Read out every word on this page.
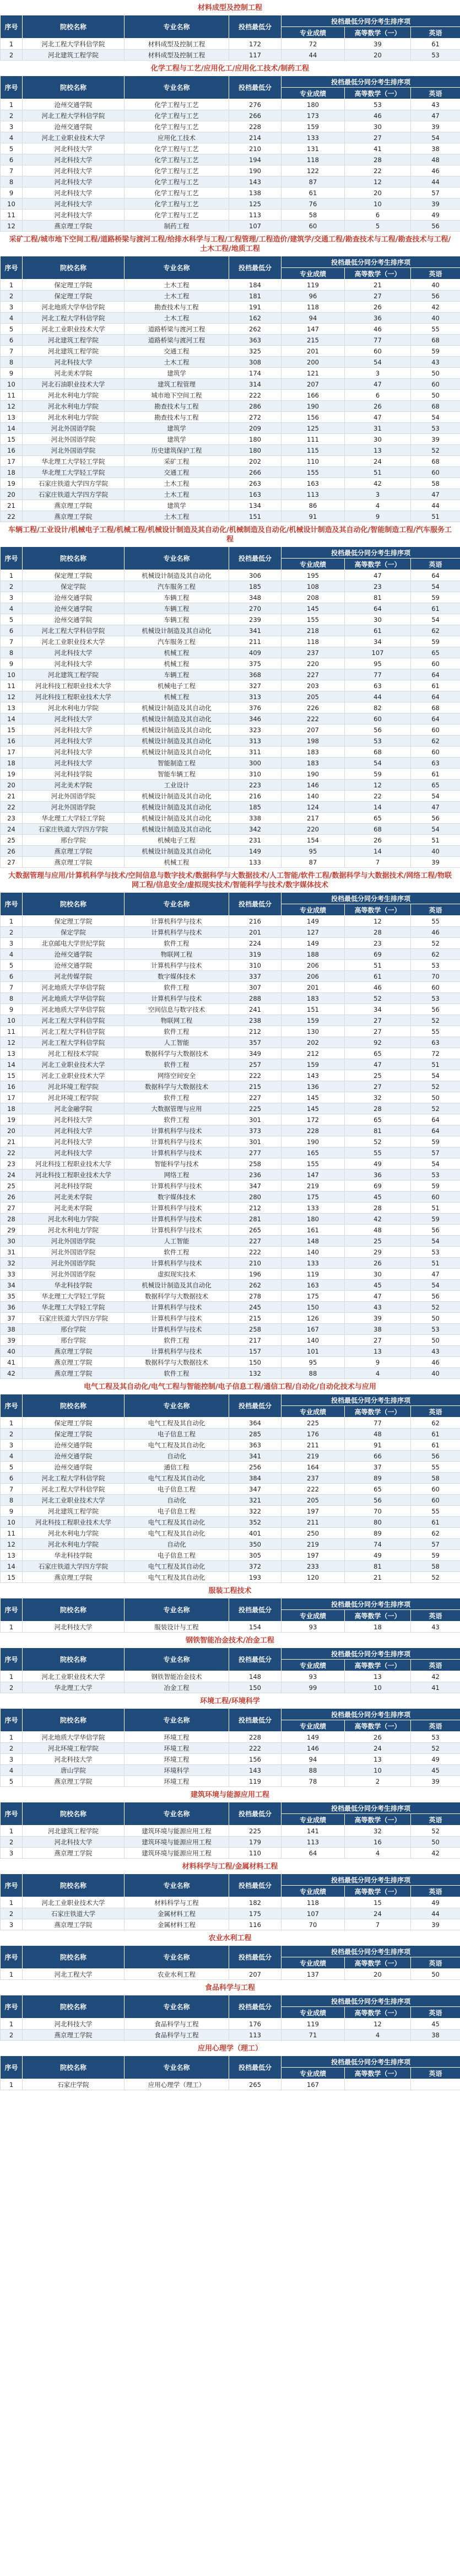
材料成型及控制工程
序号	院校名称	专业名称	投档最低分	投档最低分同分考生排序项		
				专业成绩	高等数学（一）	英语
1	河北工程大学科信学院	材料成型及控制工程	172	72	39	61
2	河北建筑工程学院	材料成型及控制工程	117	44	20	53
化学工程与工艺/应用化工/应用化工技术/制药工程
序号	院校名称	专业名称	投档最低分	投档最低分同分考生排序项		
				专业成绩	高等数学（一）	英语
1	沧州交通学院	化学工程与工艺	276	180	53	43
2	河北工程大学科信学院	化学工程与工艺	266	173	46	47
3	沧州交通学院	化学工程与工艺	228	159	30	39
4	河北工业职业技术大学	应用化工技术	214	133	27	54
5	河北科技大学	化学工程与工艺	210	131	41	38
6	河北科技大学	化学工程与工艺	194	118	28	48
7	河北科技大学	化学工程与工艺	190	122	22	46
8	河北科技大学	化学工程与工艺	143	87	12	44
9	河北科技大学	化学工程与工艺	138	61	20	57
10	河北科技大学	化学工程与工艺	125	76	10	39
11	河北科技大学	化学工程与工艺	113	58	6	49
12	燕京理工学院	制药工程	107	60	5	56
采矿工程/城市地下空间工程/道路桥梁与渡河工程/给排水科学与工程/工程管理/工程造价/建筑学/交通工程/勘查技术与工程/勘查技术与工程/土木工程/地质工程
序号	院校名称	专业名称	投档最低分	投档最低分同分考生排序项		
				专业成绩	高等数学（一）	英语
1	保定理工学院	土木工程	184	119	21	40
2	保定理工学院	土木工程	181	96	27	56
3	河北地质大学华信学院	勘查技术与工程	191	118	26	42
4	河北工程大学科信学院	土木工程	162	94	36	40
5	河北工业职业技术大学	道路桥梁与渡河工程	262	147	46	55
6	河北建筑工程学院	道路桥梁与渡河工程	363	215	77	68
7	河北建筑工程学院	交通工程	325	201	60	59
8	河北科技大学	土木工程	308	200	54	43
9	河北美术学院	建筑学	174	121	3	50
10	河北石油职业技术大学	建筑工程管理	314	207	47	60
11	河北水利电力学院	城市地下空间工程	222	166	6	50
12	河北水利电力学院	勘查技术与工程	286	190	26	68
13	河北水利电力学院	勘查技术与工程	272	156	47	54
14	河北外国语学院	建筑学	209	125	31	53
15	河北外国语学院	建筑学	180	111	30	39
16	河北外国语学院	历史建筑保护工程	180	115	13	52
17	华北理工大学轻工学院	采矿工程	202	110	24	68
18	华北理工大学轻工学院	交通工程	266	155	51	60
19	石家庄铁道大学四方学院	土木工程	263	163	42	58
20	石家庄铁道大学四方学院	土木工程	163	113	3	47
21	燕京理工学院	建筑学	134	86	4	44
22	燕京理工学院	土木工程	151	91	9	51
车辆工程/工业设计/机械电子工程/机械工程/机械设计制造及其自动化/机械制造及自动化/机械设计制造及其自动化/智能制造工程/汽车服务工程
序号	院校名称	专业名称	投档最低分	投档最低分同分考生排序项		
				专业成绩	高等数学（一）	英语
1	保定理工学院	机械设计制造及其自动化	306	195	47	64
2	保定学院	汽车服务工程	185	108	23	54
3	沧州交通学院	车辆工程	348	208	81	59
4	沧州交通学院	车辆工程	270	145	64	61
5	沧州交通学院	车辆工程	239	155	30	54
6	河北工程大学科信学院	机械设计制造及其自动化	341	218	61	62
7	河北工业职业技术大学	汽车服务工程	211	118	34	59
8	河北科技大学	机械工程	409	237	107	65
9	河北科技大学	机械工程	375	220	95	60
10	河北建筑工程学院	车辆工程	368	227	77	64
11	河北科技工程职业技术大学	机械电子工程	327	203	63	61
12	河北科技工程职业技术大学	机械工程	313	205	44	64
13	河北水利电力学院	机械设计制造及其自动化	376	226	82	68
14	河北科技大学	机械设计制造及其自动化	346	222	60	64
15	河北科技大学	机械设计制造及其自动化	323	207	56	60
16	河北科技大学	机械设计制造及其自动化	313	198	53	62
17	河北科技大学	机械设计制造及其自动化	311	183	68	60
18	河北科技大学	智能制造工程	300	183	54	63
19	河北科技学院	智能车辆工程	310	190	59	61
20	河北美术学院	工业设计	223	146	12	65
21	河北外国语学院	机械设计制造及其自动化	216	140	22	54
22	河北外国语学院	机械设计制造及其自动化	185	124	14	47
23	华北理工大学轻工学院	机械设计制造及其自动化	338	217	65	56
24	石家庄铁道大学四方学院	机械设计制造及其自动化	342	220	68	54
25	邢台学院	机械电子工程	231	154	26	51
26	燕京理工学院	机械设计制造及其自动化	149	95	14	40
27	燕京理工学院	机械工程	133	87	7	39
大数据管理与应用/计算机科学与技术/空间信息与数字技术/数据科学与大数据技术/人工智能/软件工程/数据科学与大数据技术/网络工程/物联网工程/信息安全/虚拟现实技术/智能科学与技术/数字媒体技术
序号	院校名称	专业名称	投档最低分	投档最低分同分考生排序项		
				专业成绩	高等数学（一）	英语
1	保定理工学院	计算机科学与技术	216	149	12	55
2	保定学院	计算机科学与技术	201	127	28	46
3	北京邮电大学世纪学院	软件工程	224	149	23	52
4	沧州交通学院	物联网工程	319	188	69	62
5	沧州交通学院	计算机科学与技术	310	206	51	53
6	河北传媒学院	数字媒体技术	337	206	61	70
7	河北地质大学华信学院	软件工程	307	201	46	60
8	河北地质大学华信学院	计算机科学与技术	288	183	52	53
9	河北地质大学华信学院	空间信息与数字技术	241	151	34	56
10	河北工程大学科信学院	物联网工程	238	159	27	52
11	河北工程大学科信学院	软件工程	212	130	27	55
12	河北工程大学科信学院	人工智能	357	202	92	63
13	河北工程技术学院	数据科学与大数据技术	349	212	65	72
14	河北工业职业技术大学	软件工程	257	159	47	51
15	河北工业职业技术大学	网络空间安全	222	143	25	54
16	河北环境工程学院	数据科学与大数据技术	215	136	27	52
17	河北环境工程学院	软件工程	227	145	32	50
18	河北金融学院	大数据管理与应用	225	145	28	52
19	河北科技大学	软件工程	301	172	65	64
20	河北科技大学	计算机科学与技术	373	228	81	64
21	河北科技大学	计算机科学与技术	301	190	52	59
22	河北科技大学	计算机科学与技术	277	165	55	57
23	河北科技工程职业技术大学	智能科学与技术	258	155	49	54
24	河北科技工程职业技术大学	网络工程	236	147	36	53
25	河北科技学院	计算机科学与技术	347	219	69	59
26	河北美术学院	数字媒体技术	280	175	45	60
27	河北美术学院	计算机科学与技术	212	133	28	51
28	河北水利电力学院	计算机科学与技术	281	180	42	59
29	河北水利电力学院	计算机科学与技术	265	161	48	56
30	河北外国语学院	人工智能	227	148	25	54
31	河北外国语学院	软件工程	222	140	29	53
32	河北外国语学院	计算机科学与技术	210	133	26	51
33	河北外国语学院	虚拟现实技术	196	119	30	47
34	华北科技学院	机械设计制造及其自动化	262	163	45	54
35	华北理工大学轻工学院	数据科学与大数据技术	278	175	47	56
36	华北理工大学轻工学院	计算机科学与技术	245	150	43	52
37	石家庄铁道大学四方学院	计算机科学与技术	215	126	39	50
38	邢台学院	计算机科学与技术	258	167	38	53
39	邢台学院	软件工程	217	140	27	50
40	燕京理工学院	计算机科学与技术	157	101	13	43
41	燕京理工学院	数据科学与大数据技术	150	95	9	46
42	燕京理工学院	软件工程	132	88	4	40
电气工程及其自动化/电气工程与智能控制/电子信息工程/通信工程/自动化/自动化技术与应用
序号	院校名称	专业名称	投档最低分	投档最低分同分考生排序项		
				专业成绩	高等数学（一）	英语
1	保定理工学院	电气工程及其自动化	364	225	77	62
2	保定理工学院	电子信息工程	285	176	48	61
3	沧州交通学院	电气工程及其自动化	363	211	91	61
4	沧州交通学院	自动化	341	219	66	56
5	沧州交通学院	通信工程	256	164	37	55
6	河北工程大学科信学院	电气工程及其自动化	384	237	89	58
7	河北工程大学科信学院	电子信息工程	347	222	65	60
8	河北工业职业技术大学	自动化	321	205	56	60
9	河北建筑工程学院	电子信息工程	322	197	70	55
10	河北科技工程职业技术大学	电气工程及其自动化	352	211	80	61
11	河北水利电力学院	电气工程及其自动化	401	250	89	62
12	河北水利电力学院	自动化	350	219	74	57
13	华北科技学院	电子信息工程	305	197	49	59
14	石家庄铁道大学四方学院	电气工程及其自动化	372	233	81	58
15	燕京理工学院	电气工程及其自动化	193	120	21	52
服装工程技术
序号	院校名称	专业名称	投档最低分	投档最低分同分考生排序项		
				专业成绩	高等数学（一）	英语
1	河北科技大学	服装设计与工程	154	93	18	43
钢铁智能冶金技术/冶金工程
序号	院校名称	专业名称	投档最低分	投档最低分同分考生排序项		
				专业成绩	高等数学（一）	英语
1	河北工业职业技术大学	钢铁智能冶金技术	148	93	13	42
2	华北理工大学	冶金工程	150	99	10	41
环境工程/环境科学
序号	院校名称	专业名称	投档最低分	投档最低分同分考生排序项		
				专业成绩	高等数学（一）	英语
1	河北地质大学华信学院	环境工程	228	149	26	53
2	河北环境工程学院	环境工程	222	146	24	52
3	河北科技大学	环境工程	156	94	13	49
4	唐山学院	环境科学	143	88	10	45
5	燕京理工学院	环境工程	119	78	2	39
建筑环境与能源应用工程
序号	院校名称	专业名称	投档最低分	投档最低分同分考生排序项		
				专业成绩	高等数学（一）	英语
1	河北建筑工程学院	建筑环境与能源应用工程	225	141	32	52
2	河北科技大学	建筑环境与能源应用工程	179	113	16	50
3	燕京理工学院	建筑环境与能源应用工程	110	64	4	42
材料科学与工程/金属材料工程
序号	院校名称	专业名称	投档最低分	投档最低分同分考生排序项		
				专业成绩	高等数学（一）	英语
1	河北工业职业技术大学	材料科学与工程	182	118	15	49
2	石家庄铁道大学	金属材料工程	175	107	24	44
3	燕京理工学院	金属材料工程	116	70	7	39
农业水利工程
序号	院校名称	专业名称	投档最低分	投档最低分同分考生排序项		
				专业成绩	高等数学（一）	英语
1	河北工程大学	农业水利工程	207	137	20	50
食品科学与工程
序号	院校名称	专业名称	投档最低分	投档最低分同分考生排序项		
				专业成绩	高等数学（一）	英语
1	河北科技大学	食品科学与工程	176	119	12	45
2	燕京理工学院	食品科学与工程	113	71	4	38
应用心理学（理工）
序号	院校名称	专业名称	投档最低分	投档最低分同分考生排序项		
				专业成绩	高等数学（一）	英语
1	石家庄学院	应用心理学（理工）	265	167		
